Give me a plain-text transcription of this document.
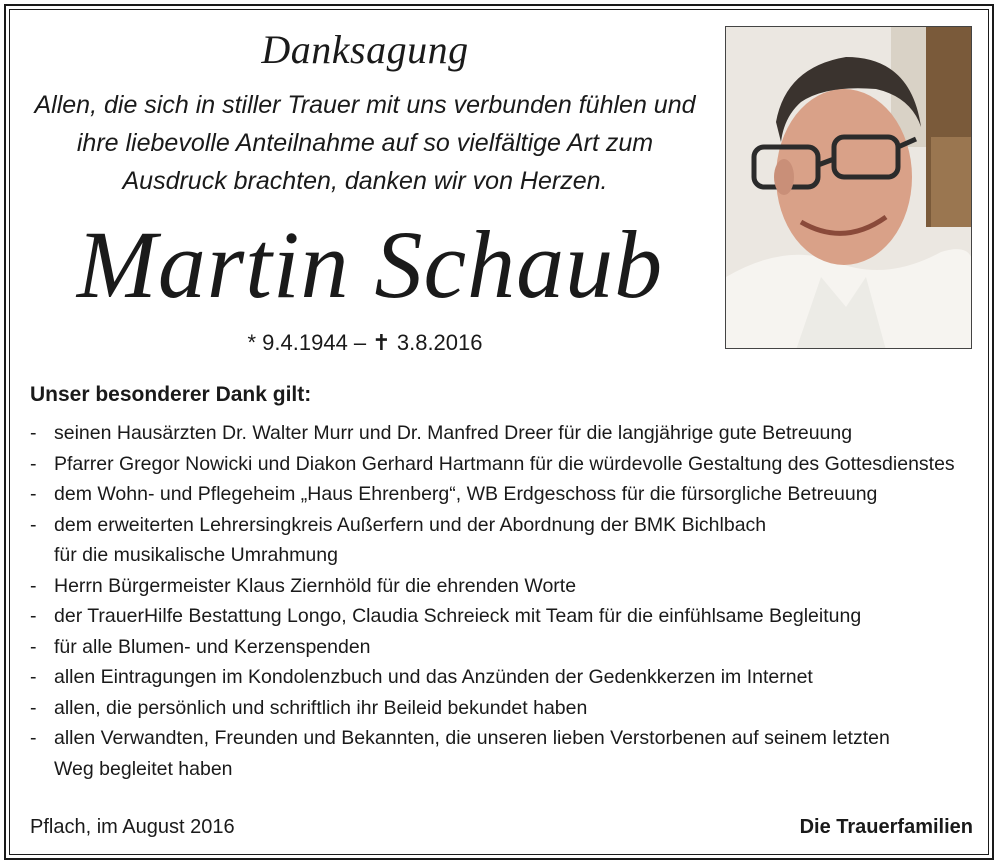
Danksagung
Allen, die sich in stiller Trauer mit uns verbunden fühlen und
ihre liebevolle Anteilnahme auf so vielfältige Art zum
Ausdruck brachten, danken wir von Herzen.
Martin Schaub
* 9.4.1944 – ✝ 3.8.2016
Unser besonderer Dank gilt:
- seinen Hausärzten Dr. Walter Murr und Dr. Manfred Dreer für die langjährige gute Betreuung
- Pfarrer Gregor Nowicki und Diakon Gerhard Hartmann für die würdevolle Gestaltung des Gottesdienstes
- dem Wohn- und Pflegeheim „Haus Ehrenberg“, WB Erdgeschoss für die fürsorgliche Betreuung
- dem erweiterten Lehrersingkreis Außerfern und der Abordnung der BMK Bichlbach
für die musikalische Umrahmung
- Herrn Bürgermeister Klaus Ziernhöld für die ehrenden Worte
- der TrauerHilfe Bestattung Longo, Claudia Schreieck mit Team für die einfühlsame Begleitung
- für alle Blumen- und Kerzenspenden
- allen Eintragungen im Kondolenzbuch und das Anzünden der Gedenkkerzen im Internet
- allen, die persönlich und schriftlich ihr Beileid bekundet haben
- allen Verwandten, Freunden und Bekannten, die unseren lieben Verstorbenen auf seinem letzten
Weg begleitet haben
Pflach, im August 2016	Die Trauerfamilien
